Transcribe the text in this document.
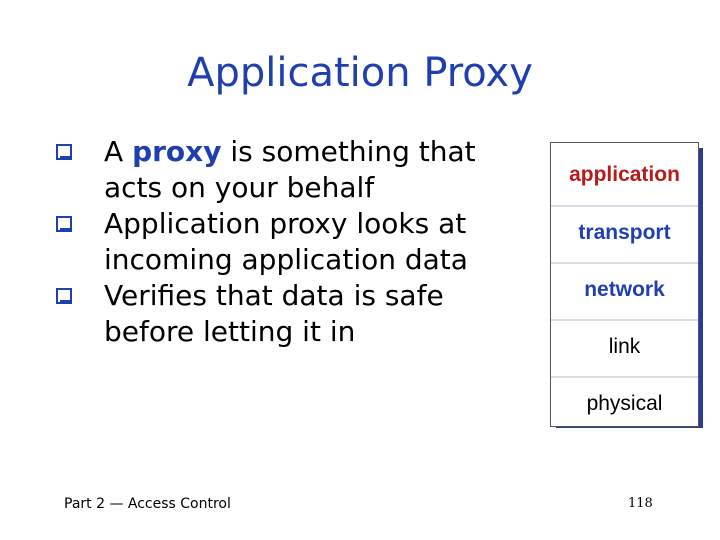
Application Proxy
A proxy is something that acts on your behalf
Application proxy looks at incoming application data
Verifies that data is safe before letting it in
application
transport
network
link
physical
Part 2 — Access Control	118
